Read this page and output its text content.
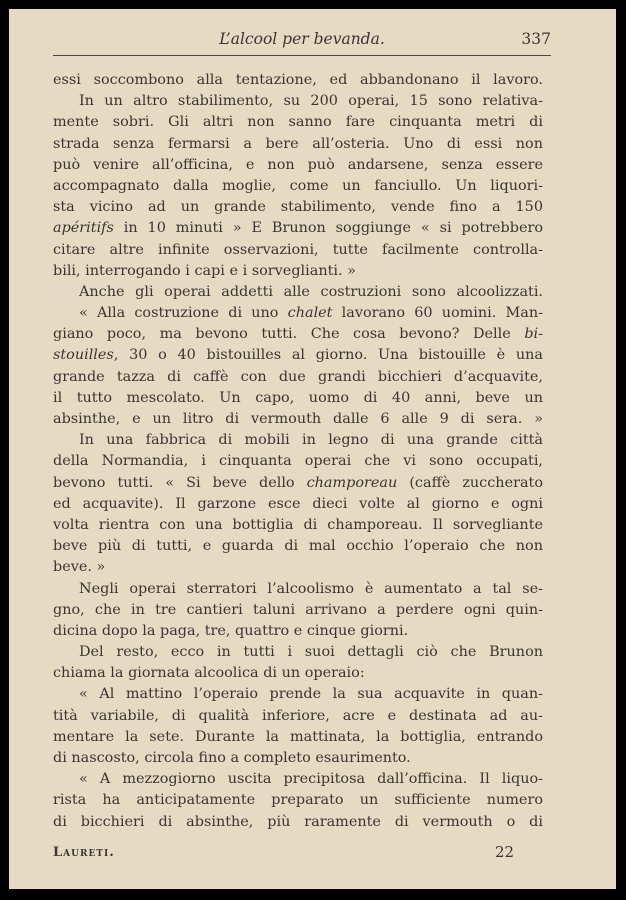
L’alcool per bevanda.	337
essi soccombono alla tentazione, ed abbandonano il lavoro.
In un altro stabilimento, su 200 operai, 15 sono relativa-
mente sobri. Gli altri non sanno fare cinquanta metri di
strada senza fermarsi a bere all’osteria. Uno di essi non
può venire all’officina, e non può andarsene, senza essere
accompagnato dalla moglie, come un fanciullo. Un liquori-
sta vicino ad un grande stabilimento, vende fino a 150
apéritifs in 10 minuti » E Brunon soggiunge « si potrebbero
citare altre infinite osservazioni, tutte facilmente controlla-
bili, interrogando i capi e i sorveglianti. »
Anche gli operai addetti alle costruzioni sono alcoolizzati.
« Alla costruzione di uno chalet lavorano 60 uomini. Man-
giano poco, ma bevono tutti. Che cosa bevono? Delle bi-
stouilles, 30 o 40 bistouilles al giorno. Una bistouille è una
grande tazza di caffè con due grandi bicchieri d’acquavite,
il tutto mescolato. Un capo, uomo di 40 anni, beve un
absinthe, e un litro di vermouth dalle 6 alle 9 di sera. »
In una fabbrica di mobili in legno di una grande città
della Normandia, i cinquanta operai che vi sono occupati,
bevono tutti. « Si beve dello champoreau (caffè zuccherato
ed acquavite). Il garzone esce dieci volte al giorno e ogni
volta rientra con una bottiglia di champoreau. Il sorvegliante
beve più di tutti, e guarda di mal occhio l’operaio che non
beve. »
Negli operai sterratori l’alcoolismo è aumentato a tal se-
gno, che in tre cantieri taluni arrivano a perdere ogni quin-
dicina dopo la paga, tre, quattro e cinque giorni.
Del resto, ecco in tutti i suoi dettagli ciò che Brunon
chiama la giornata alcoolica di un operaio:
« Al mattino l’operaio prende la sua acquavite in quan-
tità variabile, di qualità inferiore, acre e destinata ad au-
mentare la sete. Durante la mattinata, la bottiglia, entrando
di nascosto, circola fino a completo esaurimento.
« A mezzogiorno uscita precipitosa dall’officina. Il liquo-
rista ha anticipatamente preparato un sufficiente numero
di bicchieri di absinthe, più raramente di vermouth o di
Laureti.	22
